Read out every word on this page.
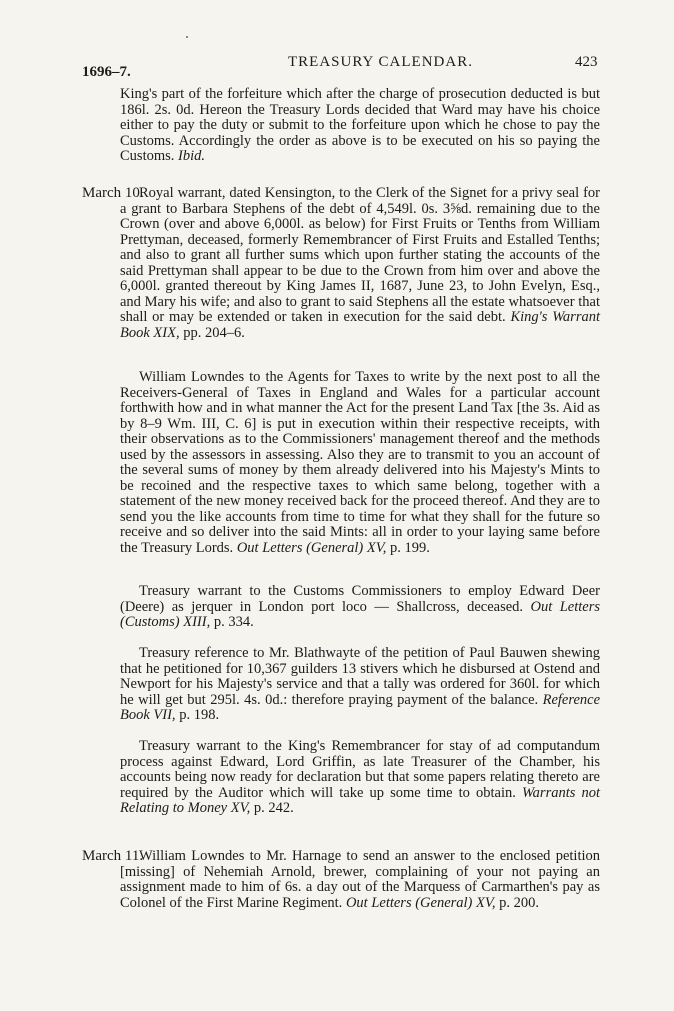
1696–7.
TREASURY CALENDAR.	423
King's part of the forfeiture which after the charge of prosecution deducted is but 186l. 2s. 0d. Hereon the Treasury Lords decided that Ward may have his choice either to pay the duty or submit to the forfeiture upon which he chose to pay the Customs. Accordingly the order as above is to be executed on his so paying the Customs. Ibid.
March 10.
Royal warrant, dated Kensington, to the Clerk of the Signet for a privy seal for a grant to Barbara Stephens of the debt of 4,549l. 0s. 3⅝d. remaining due to the Crown (over and above 6,000l. as below) for First Fruits or Tenths from William Prettyman, deceased, formerly Remembrancer of First Fruits and Estalled Tenths; and also to grant all further sums which upon further stating the accounts of the said Prettyman shall appear to be due to the Crown from him over and above the 6,000l. granted thereout by King James II, 1687, June 23, to John Evelyn, Esq., and Mary his wife; and also to grant to said Stephens all the estate whatsoever that shall or may be extended or taken in execution for the said debt. King's Warrant Book XIX, pp. 204–6.
William Lowndes to the Agents for Taxes to write by the next post to all the Receivers-General of Taxes in England and Wales for a particular account forthwith how and in what manner the Act for the present Land Tax [the 3s. Aid as by 8–9 Wm. III, C. 6] is put in execution within their respective receipts, with their observations as to the Commissioners' management thereof and the methods used by the assessors in assessing. Also they are to transmit to you an account of the several sums of money by them already delivered into his Majesty's Mints to be recoined and the respective taxes to which same belong, together with a statement of the new money received back for the proceed thereof. And they are to send you the like accounts from time to time for what they shall for the future so receive and so deliver into the said Mints: all in order to your laying same before the Treasury Lords. Out Letters (General) XV, p. 199.
Treasury warrant to the Customs Commissioners to employ Edward Deer (Deere) as jerquer in London port loco — Shallcross, deceased. Out Letters (Customs) XIII, p. 334.
Treasury reference to Mr. Blathwayte of the petition of Paul Bauwen shewing that he petitioned for 10,367 guilders 13 stivers which he disbursed at Ostend and Newport for his Majesty's service and that a tally was ordered for 360l. for which he will get but 295l. 4s. 0d.: therefore praying payment of the balance. Reference Book VII, p. 198.
Treasury warrant to the King's Remembrancer for stay of ad computandum process against Edward, Lord Griffin, as late Treasurer of the Chamber, his accounts being now ready for declaration but that some papers relating thereto are required by the Auditor which will take up some time to obtain. Warrants not Relating to Money XV, p. 242.
March 11.
William Lowndes to Mr. Harnage to send an answer to the enclosed petition [missing] of Nehemiah Arnold, brewer, complaining of your not paying an assignment made to him of 6s. a day out of the Marquess of Carmarthen's pay as Colonel of the First Marine Regiment. Out Letters (General) XV, p. 200.
